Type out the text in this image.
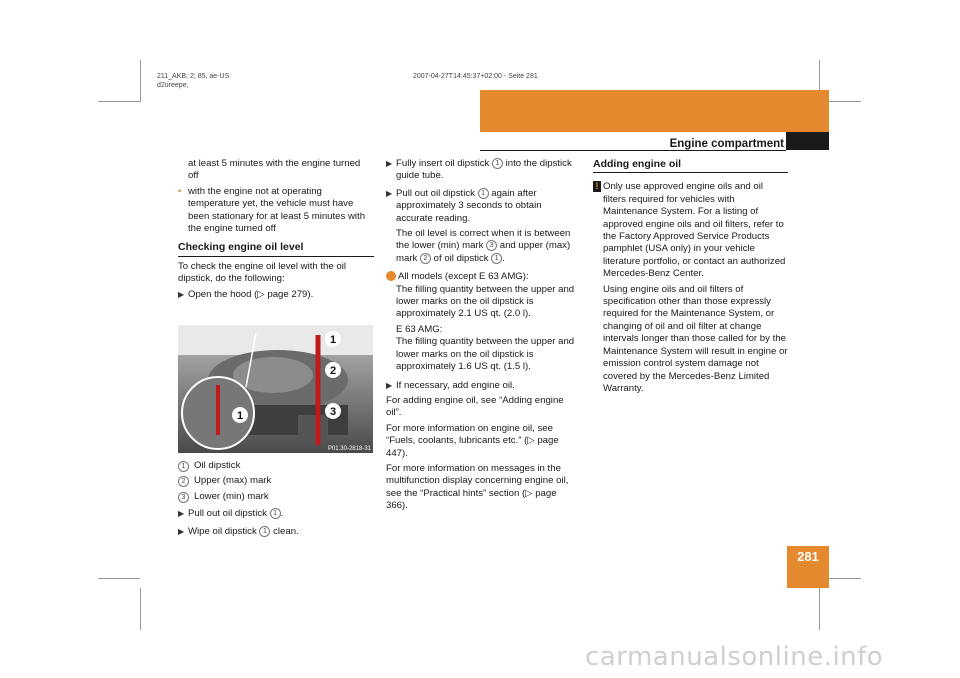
211_AKB; 2; 85, ae-US
d2ureepe,
2007-04-27T14:45:37+02:00 - Seite 281
Operation
Engine compartment
281

at least 5 minutes with the engine turned
off

• with the engine not at operating temperature yet, the vehicle must have been stationary for at least 5 minutes with the engine turned off

Checking engine oil level

To check the engine oil level with the oil dipstick, do the following:

▶ Open the hood (▷ page 279).

1
2
3
1
P01.30-2818-31

1 Oil dipstick

2 Upper (max) mark

3 Lower (min) mark

▶ Pull out oil dipstick 1 .

▶ Wipe oil dipstick 1 clean.

▶ Fully insert oil dipstick 1 into the dipstick guide tube.

▶ Pull out oil dipstick 1 again after approximately 3 seconds to obtain accurate reading.

The oil level is correct when it is between the lower (min) mark 3 and upper (max) mark 2 of oil dipstick 1 .

i All models (except E 63 AMG):
The filling quantity between the upper and lower marks on the oil dipstick is approximately 2.1 US qt. (2.0 l).

E 63 AMG:

The filling quantity between the upper and lower marks on the oil dipstick is approximately 1.6 US qt. (1.5 l).

▶ If necessary, add engine oil.

For adding engine oil, see “Adding engine oil”.

For more information on engine oil, see “Fuels, coolants, lubricants etc.” (▷ page 447).

For more information on messages in the multifunction display concerning engine oil, see the “Practical hints” section (▷ page 366).

Adding engine oil

! Only use approved engine oils and oil filters required for vehicles with Maintenance System. For a listing of approved engine oils and oil filters, refer to the Factory Approved Service Products pamphlet (USA only) in your vehicle literature portfolio, or contact an authorized Mercedes-Benz Center.

Using engine oils and oil filters of specification other than those expressly required for the Maintenance System, or changing of oil and oil filter at change intervals longer than those called for by the Maintenance System will result in engine or emission control system damage not covered by the Mercedes-Benz Limited Warranty.

carmanualsonline.info
